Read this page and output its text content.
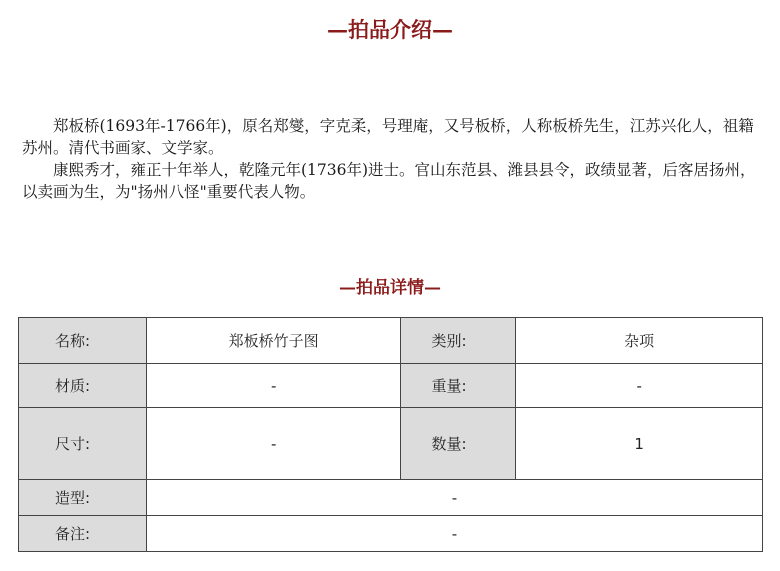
—拍品介绍—

郑板桥(1693年-1766年)，原名郑燮，字克柔，号理庵，又号板桥，人称板桥先生，江苏兴化人，祖籍苏州。清代书画家、文学家。

康熙秀才，雍正十年举人，乾隆元年(1736年)进士。官山东范县、潍县县令，政绩显著，后客居扬州，以卖画为生，为"扬州八怪"重要代表人物。

—拍品详情—
名称:	郑板桥竹子图	类别:	杂项
材质:	-	重量:	-
尺寸:	-	数量:	1
造型:	-		
备注:	-		
